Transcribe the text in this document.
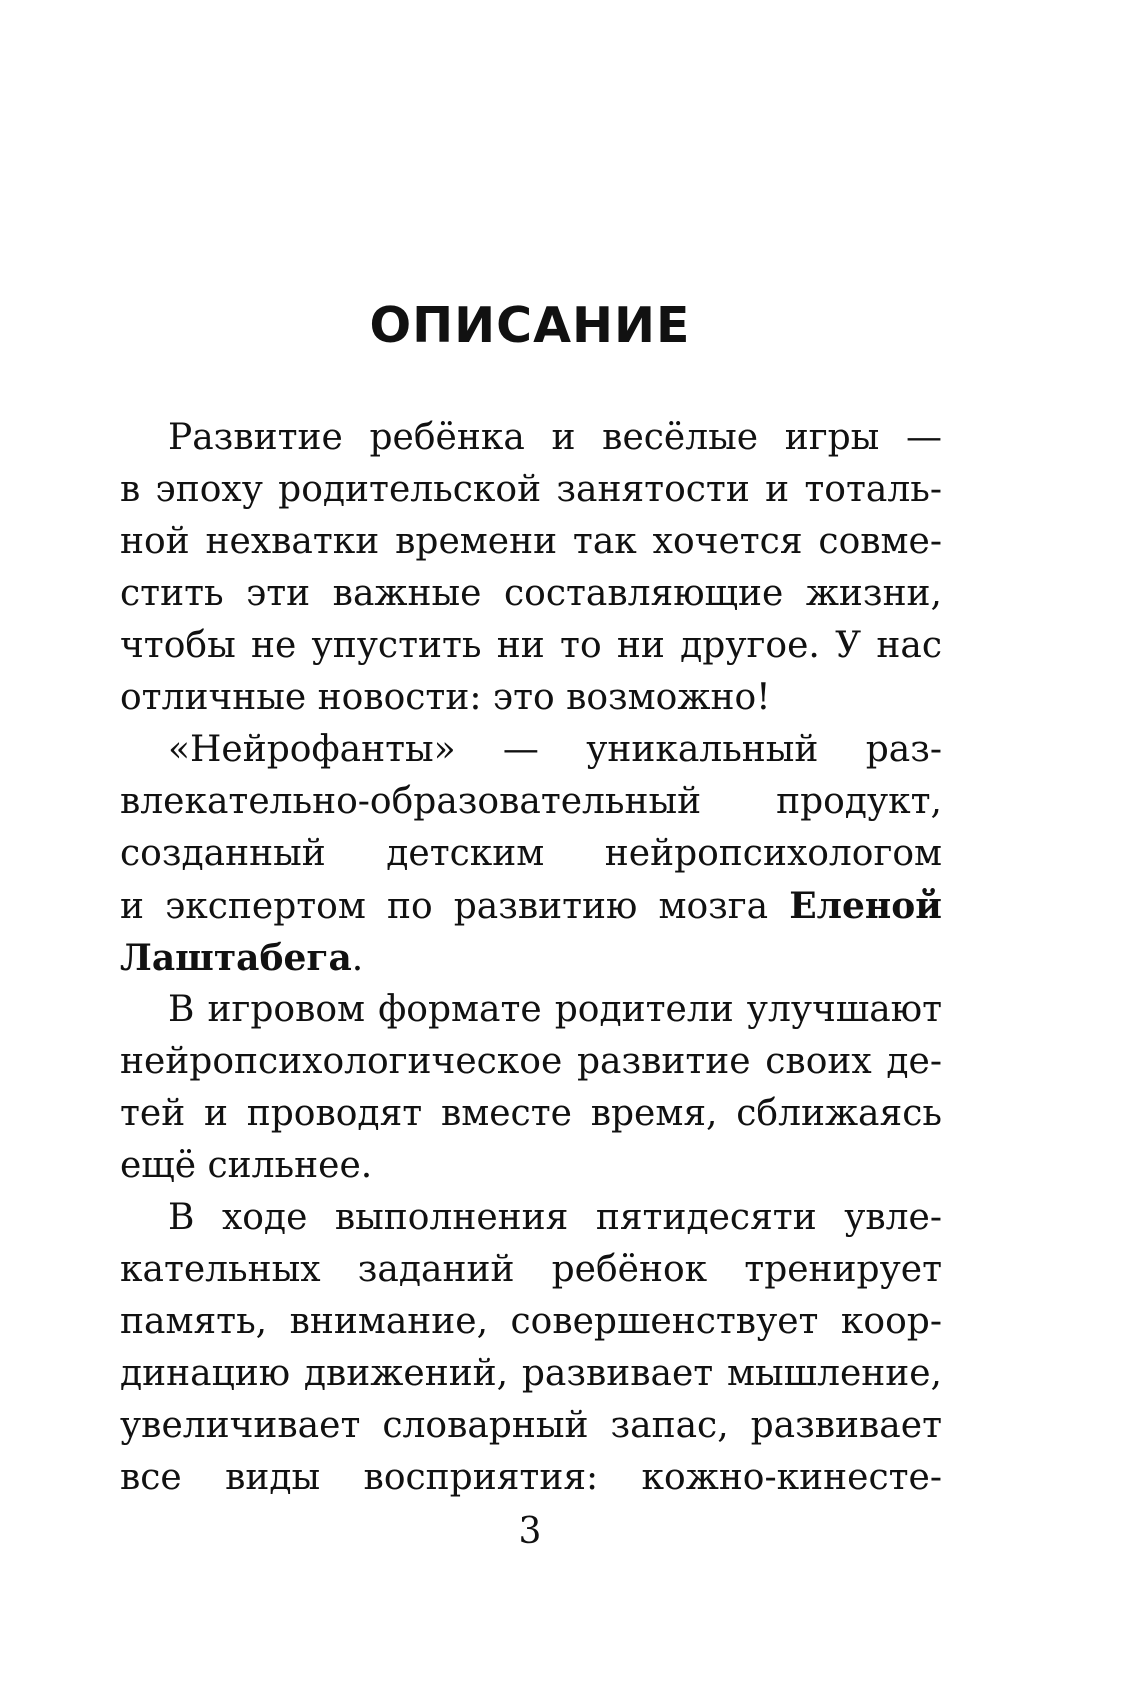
ОПИСАНИЕ
Развитие ребёнка и весёлые игры —
в эпоху родительской занятости и тоталь-
ной нехватки времени так хочется совме-
стить эти важные составляющие жизни,
чтобы не упустить ни то ни другое. У нас
отличные новости: это возможно!
«Нейрофанты» — уникальный раз-
влекательно-образовательный продукт,
созданный детским нейропсихологом
и экспертом по развитию мозга Еленой
Лаштабега.
В игровом формате родители улучшают
нейропсихологическое развитие своих де-
тей и проводят вместе время, сближаясь
ещё сильнее.
В ходе выполнения пятидесяти увле-
кательных заданий ребёнок тренирует
память, внимание, совершенствует коор-
динацию движений, развивает мышление,
увеличивает словарный запас, развивает
все виды восприятия: кожно-кинесте-
3
